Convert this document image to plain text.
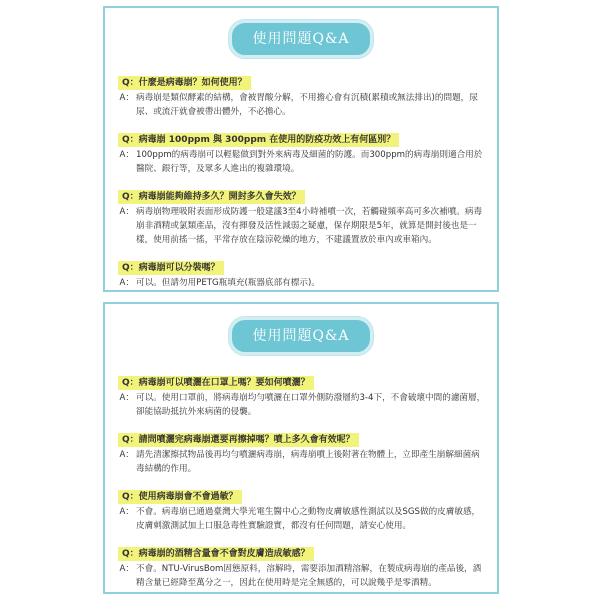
使用問題Q&A
Q：什麼是病毒崩？如何使用？
A： 病毒崩是類似酵素的結構，會被胃酸分解，不用擔心會有沉積(累積或無法排出)的問題，尿尿、或流汗就會被帶出體外，不必擔心。
Q：病毒崩 100ppm 與 300ppm 在使用的防疫功效上有何區別？
A： 100ppm的病毒崩可以輕鬆做到對外來病毒及細菌的防護。而300ppm的病毒崩則適合用於醫院、銀行等，及眾多人進出的複雜環境。
Q：病毒崩能夠維持多久？開封多久會失效？
A： 病毒崩物理吸附表面形成防護一般建議3至4小時補噴一次，若觸碰頻率高可多次補噴。病毒崩非酒精或氯類產品，沒有揮發及活性減弱之疑慮，保存期限是5年，就算是開封後也是一樣，使用前搖一搖，平常存放在陰涼乾燥的地方，不建議置放於車內或車箱內。
Q：病毒崩可以分裝嗎？
A： 可以。但請勿用PETG瓶填充(瓶器底部有標示)。
使用問題Q&A
Q：病毒崩可以噴灑在口罩上嗎？要如何噴灑？
A： 可以。使用口罩前，將病毒崩均勻噴灑在口罩外側防潑層約3-4下，不會破壞中間的濾菌層，卻能協助抵抗外來病菌的侵襲。
Q：請問噴灑完病毒崩還要再擦掉嗎？噴上多久會有效呢？
A： 請先清潔擦拭物品後再均勻噴灑病毒崩，病毒崩噴上後附著在物體上，立即產生崩解細菌病毒結構的作用。
Q：使用病毒崩會不會過敏？
A： 不會。病毒崩已通過臺灣大學光電生醫中心之動物皮膚敏感性測試以及SGS做的皮膚敏感，皮膚刺激測試加上口服急毒性實驗證實，都沒有任何問題，請安心使用。
Q：病毒崩的酒精含量會不會對皮膚造成敏感？
A： 不會。NTU-VirusBom固態原料，溶解時，需要添加酒精溶解，在製成病毒崩的產品後，酒精含量已經降至萬分之一，因此在使用時是完全無感的，可以說幾乎是零酒精。
